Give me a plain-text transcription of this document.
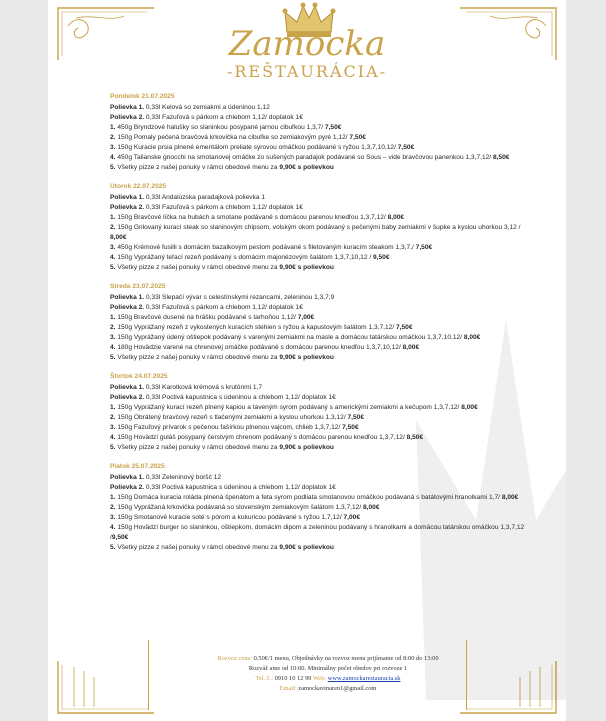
Zamocka
-REŠTAURÁCIA-
Pondelok 21.07.2025
Polievka 1. 0,33l Kelová so zemiakmi a údeninou 1,12
Polievka 2. 0,33l Fazuľová s párkom a chlebom 1,12/ doplatok 1€
1. 450g Bryndzové halušky so slaninkou posypané jarnou cibuľkou 1,3,7/ 7,50€
2. 150g Pomaly pečená bravčová krkovička na cibuľke so zemiakovým pyré 1,12/ 7,50€
3. 150g Kuracie prsia plnené ementálom preliate syrovou omáčkou podávané s ryžou 1,3,7,10,12/ 7,50€
4. 450g Talianske gnocchi na smotanovej omáčke zo sušených paradajok podávané so Sous – vide bravčovou panenkou 1,3,7,12/ 8,50€
5. Všetky pizze z našej ponuky v rámci obedové menu za 9,90€ s polievkou
Utorok 22.07.2025
Polievka 1. 0,33l Andalúzska paradajková polievka 1
Polievka 2. 0,33l Fazuľová s párkom a chlebom 1,12/ doplatok 1€
1. 150g Bravčové líčka na hubách a smotane podávané s domácou parenou knedľou 1,3,7,12/ 8,00€
2. 150g Grilovaný kurací steak so slaninovým chipsom, volským okom podávaný s pečenými baby zemiakmi v šupke a kyslou uhorkou 3,12 / 8,00€
3. 450g Krémové fusilli s domácim bazalkovým pestom podávané s filetovaným kuracím steakom 1,3,7,/ 7,50€
4. 150g Vyprážaný teľací rezeň podávaný s domácim majonézovým šalátom 1,3,7,10,12 / 9,50€
5. Všetky pizze z našej ponuky v rámci obedové menu za 9,90€ s polievkou
Streda 23.07.2025
Polievka 1. 0,33l Slepačí vývar s celestínskymi rezancami, zeleninou 1,3,7,9
Polievka 2. 0,33l Fazuľová s párkom a chlebom 1,12/ doplatok 1€
1. 150g Bravčové dusené na hrášku podávané s tarhoňou 1,12/ 7,00€
2. 150g Vyprážaný rezeň z vykostených kuracích stehien s ryžou a kapustovým šalátom 1,3,7,12/ 7,50€
3. 150g Vyprážaný údený oštiepok podávaný s varenými zemiakmi na masle a domácou tatárskou omáčkou 1,3,7,10,12/ 8,00€
4. 180g Hovädzie varené na chrenovej omáčke podávané s domácou parenou knedľou 1,3,7,10,12/ 8,00€
5. Všetky pizze z našej ponuky v rámci obedové menu za 9,90€ s polievkou
Štvrtok 24.07.2025
Polievka 1. 0,33l Karotková krémová s krutónmi 1,7
Polievka 2. 0,33l Poctivá kapustnica s údeninou a chlebom 1,12/ doplatok 1€
1. 150g Vyprážaný kurací rezeň plnený kapiou a taveným syrom podávaný s americkými zemiakmi a kečupom 1,3,7,12/ 8,00€
2. 150g Obrátený bravčový rezeň s tlačenými zemiakmi a kyslou uhorkou 1,3,12/ 7,50€
3. 150g Fazuľový prívarok s pečenou fašírkou plnenou vajcom, chlieb 1,3,7,12/ 7,50€
4. 150g Hovädzí guláš posypaný čerstvým chrenom podávaný s domácou parenou knedľou 1,3,7,12/ 8,50€
5. Všetky pizze z našej ponuky v rámci obedové menu za 9,90€ s polievkou
Piatok 25.07.2025
Polievka 1. 0,33l Zeleninový boršč 12
Polievka 2. 0,33l Poctivá kapustnica s údeninou a chlebom 1,12/ doplatok 1€
1. 150g Domáca kuracia roláda plnená špenátom a feta syrom podliata smotanovou omáčkou podávaná s batátovými hranolkami 1,7/ 8,00€
2. 150g Vyprážaná krkovička podávaná so slovenským zemiakovým šalátom 1,3,7,12/ 8,00€
3. 150g Smotanové kuracie soté s pórom a kukuricou podávané s ryžou 1,7,12/ 7,00€
4. 150g Hovädzí burger so slaninkou, oštiepkom, domácim dipom a zeleninou podávaný s hranolkami a domácou tatárskou omáčkou 1,3,7,12 /9,50€
5. Všetky pizze z našej ponuky v rámci obedové menu za 9,90€ s polievkou
Rozvoz cena: 0.50€/1 menu, Objednávky na rozvoz menu prijímame od 8:00 do 13:00
Rozváž ame od 10:00. Minimálny počet obedov pri rozvoze 1
Tel. č.: 0910 10 12 99 Web: www.zamockarestauracia.sk
Email: zamockavinaren1@gmail.com
